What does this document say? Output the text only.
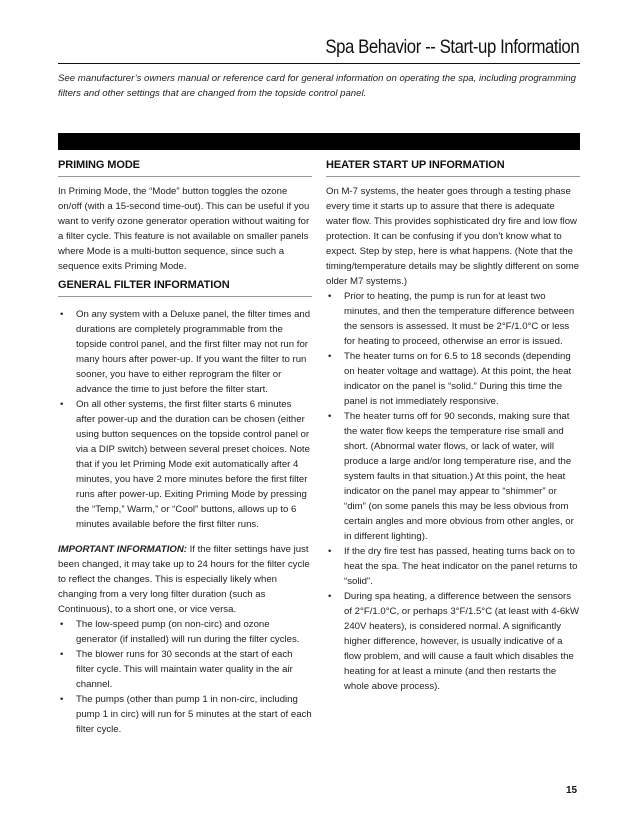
Spa Behavior -- Start-up Information
See manufacturer’s owners manual or reference card for general information on operating the spa, including programming filters and other settings that are changed from the topside control panel.
PRIMING MODE

In Priming Mode, the “Mode” button toggles the ozone on/off (with a 15-second time-out). This can be useful if you want to verify ozone generator operation without waiting for a filter cycle. This feature is not available on smaller panels where Mode is a multi-button sequence, since such a sequence exits Priming Mode.

GENERAL FILTER INFORMATION
• On any system with a Deluxe panel, the filter times and durations are completely programmable from the topside control panel, and the first filter may not run for many hours after power-up. If you want the filter to run sooner, you have to either reprogram the filter or advance the time to just before the filter start.
• On all other systems, the first filter starts 6 minutes after power-up and the duration can be chosen (either using button sequences on the topside control panel or via a DIP switch) between several preset choices. Note that if you let Priming Mode exit automatically after 4 minutes, you have 2 more minutes before the first filter runs after power-up. Exiting Priming Mode by pressing the “Temp,” Warm,” or “Cool” buttons, allows up to 6 minutes available before the first filter runs.

IMPORTANT INFORMATION: If the filter settings have just been changed, it may take up to 24 hours for the filter cycle to reflect the changes. This is especially likely when changing from a very long filter duration (such as Continuous), to a short one, or vice versa.

• The low-speed pump (on non-circ) and ozone generator (if installed) will run during the filter cycles.
• The blower runs for 30 seconds at the start of each filter cycle. This will maintain water quality in the air channel.
• The pumps (other than pump 1 in non-circ, including pump 1 in circ) will run for 5 minutes at the start of each filter cycle.
HEATER START UP INFORMATION

On M-7 systems, the heater goes through a testing phase every time it starts up to assure that there is adequate water flow. This provides sophisticated dry fire and low flow protection. It can be confusing if you don’t know what to expect. Step by step, here is what happens. (Note that the timing/temperature details may be slightly different on some older M7 systems.)

• Prior to heating, the pump is run for at least two minutes, and then the temperature difference between the sensors is assessed. It must be 2°F/1.0°C or less for heating to proceed, otherwise an error is issued.
• The heater turns on for 6.5 to 18 seconds (depending on heater voltage and wattage). At this point, the heat indicator on the panel is “solid.” During this time the panel is not immediately responsive.
• The heater turns off for 90 seconds, making sure that the water flow keeps the temperature rise small and short. (Abnormal water flows, or lack of water, will produce a large and/or long temperature rise, and the system faults in that situation.) At this point, the heat indicator on the panel may appear to “shimmer” or “dim” (on some panels this may be less obvious from certain angles and more obvious from other angles, or in different lighting).
• If the dry fire test has passed, heating turns back on to heat the spa. The heat indicator on the panel returns to “solid”.
• During spa heating, a difference between the sensors of 2°F/1.0°C, or perhaps 3°F/1.5°C (at least with 4-6kW 240V heaters), is considered normal. A significantly higher difference, however, is usually indicative of a flow problem, and will cause a fault which disables the heating for at least a minute (and then restarts the whole above process).
15
